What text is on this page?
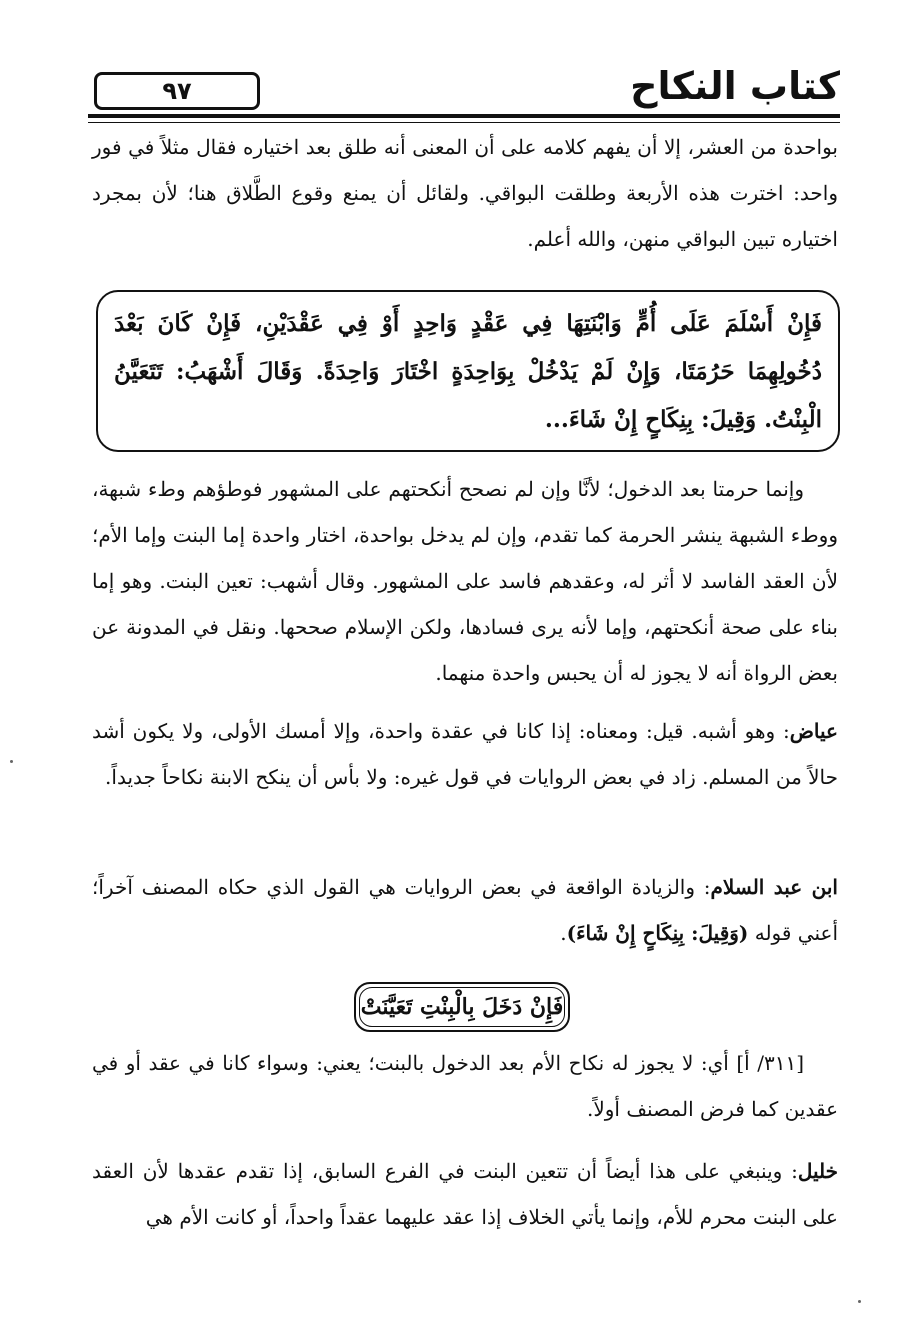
٩٧	كتاب النكاح
بواحدة من العشر، إلا أن يفهم كلامه على أن المعنى أنه طلق بعد اختياره فقال مثلاً في فور واحد: اخترت هذه الأربعة وطلقت البواقي. ولقائل أن يمنع وقوع الطَّلاق هنا؛ لأن بمجرد اختياره تبين البواقي منهن، والله أعلم.
فَإِنْ أَسْلَمَ عَلَى أُمٍّ وَابْنَتِهَا فِي عَقْدٍ وَاحِدٍ أَوْ فِي عَقْدَيْنِ، فَإِنْ كَانَ بَعْدَ دُخُولِهِمَا حَرُمَتَا، وَإِنْ لَمْ يَدْخُلْ بِوَاحِدَةٍ اخْتَارَ وَاحِدَةً. وَقَالَ أَشْهَبُ: تَتَعَيَّنُ الْبِنْتُ. وَقِيلَ: بِنِكَاحٍ إِنْ شَاءَ...
وإنما حرمتا بعد الدخول؛ لأنَّا وإن لم نصحح أنكحتهم على المشهور فوطؤهم وطء شبهة، ووطء الشبهة ينشر الحرمة كما تقدم، وإن لم يدخل بواحدة، اختار واحدة إما البنت وإما الأم؛ لأن العقد الفاسد لا أثر له، وعقدهم فاسد على المشهور. وقال أشهب: تعين البنت. وهو إما بناء على صحة أنكحتهم، وإما لأنه يرى فسادها، ولكن الإسلام صححها. ونقل في المدونة عن بعض الرواة أنه لا يجوز له أن يحبس واحدة منهما.
عياض: وهو أشبه. قيل: ومعناه: إذا كانا في عقدة واحدة، وإلا أمسك الأولى، ولا يكون أشد حالاً من المسلم. زاد في بعض الروايات في قول غيره: ولا بأس أن ينكح الابنة نكاحاً جديداً.
ابن عبد السلام: والزيادة الواقعة في بعض الروايات هي القول الذي حكاه المصنف آخراً؛ أعني قوله (وَقِيلَ: بِنِكَاحٍ إِنْ شَاءَ).
فَإِنْ دَخَلَ بِالْبِنْتِ تَعَيَّنَتْ
[٣١١/ أ] أي: لا يجوز له نكاح الأم بعد الدخول بالبنت؛ يعني: وسواء كانا في عقد أو في عقدين كما فرض المصنف أولاً.
خليل: وينبغي على هذا أيضاً أن تتعين البنت في الفرع السابق، إذا تقدم عقدها لأن العقد على البنت محرم للأم، وإنما يأتي الخلاف إذا عقد عليهما عقداً واحداً، أو كانت الأم هي
